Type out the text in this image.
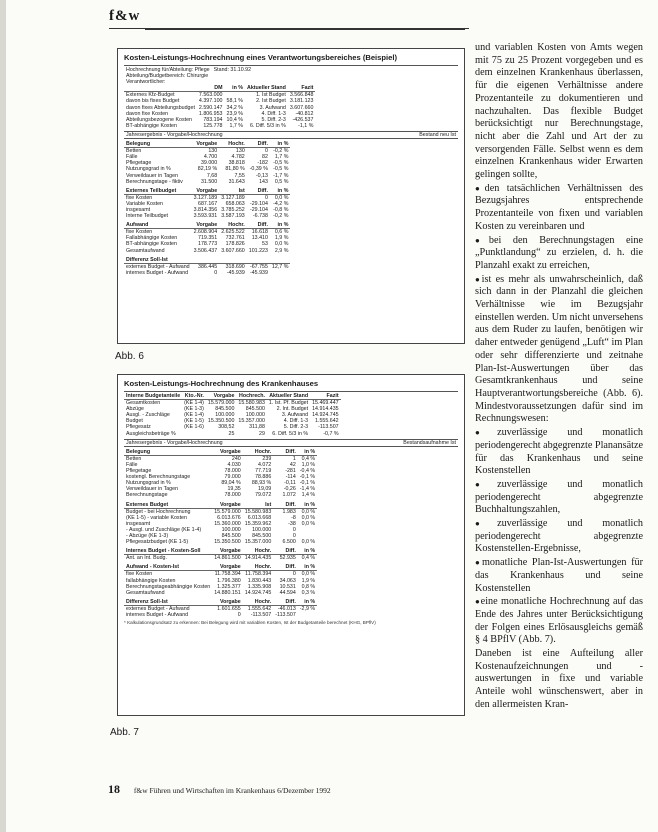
f&w
Kosten-Leistungs-Hochrechnung eines Verantwortungsbereiches (Beispiel)
Hochrechnung für/Abteilung: Pflege	Stand: 31.10.92
Abteilung/Budgetbereich: Chirurgie	
Verantwortlicher:	
	DM	in %	Aktueller Stand	Fazit
Externes Kfz-Budget	7.563.000		1. Ist Budget	3.566.848
davon bis fixes Budget	4.397.100	58,1 %	2. Ist Budget	3.181.123
davon fixes Abteilungsbudget	2.590.147	34,2 %	3. Aufwand	3.607.660
davon fixe Kosten	1.806.953	23,9 %	4. Diff. 1-3	-40.812
Abteilungsbezogene Kosten	783.194	10,4 %	5. Diff. 2-3	-426.537
BT-abhängige Kosten	125.778	1,7 %	6. Diff. 5/3 in %	-1,1 %
Jahresergebnis - Vorgabe/Hochrechnung	Bestand neu Ist
Belegung	Vorgabe	Hochr.	Diff.	in %
Betten	130	130	0	-0,2 %
Fälle	4.700	4.782	82	1,7 %
Pflegetage	39.000	38.818	-182	-0,5 %
Nutzungsgrad in %	82,19 %	81,80 %	-0,39 %	-0,5 %
Verweildauer in Tagen	7,68	7,55	-0,13	-1,7 %
Berechnungstage - fiktiv	31.500	31.643	143	0,5 %

Externes Teilbudget	Vorgabe	Ist	Diff.	in %
fixe Kosten	3.127.189	3.127.189	0	0,0 %
Variable Kosten	687.167	658.063	-29.104	-4,2 %
insgesamt	3.814.356	3.785.252	-29.104	-0,8 %
Interne Teilbudget	3.593.931	3.587.193	-6.738	-0,2 %

Aufwand	Vorgabe	Hochr.	Diff.	in %
fixe Kosten	2.608.904	2.625.522	16.618	0,6 %
Fallabhängige Kosten	719.351	732.761	13.410	1,9 %
BT-abhängige Kosten	178.773	178.826	53	0,0 %
Gesamtaufwand	3.506.437	3.607.660	101.223	2,9 %

Differenz Soll-Ist				
externes Budget - Aufwand	386.445	318.690	-67.755	12,7 %
internes Budget - Aufwand	0	-45.939	-45.939	
Abb. 6
Kosten-Leistungs-Hochrechnung des Krankenhauses
Interne Budgetanteile	Kto.-Nr.	Vorgabe	Hochrech.	Aktueller Stand	Fazit
Gesamtkosten	(KE 1-4)	15.579.000	15.580.983	1. Ist. Pf. Budget	15.469.447
Abzüge	(KE 1-3)	845.500	845.500	2. Int. Budget	14.914.435
Ausgl. - Zuschläge	(KE 1-4)	100.000	100.000	3. Aufwand	14.924.745
Budget	(KE 1-5)	15.350.500	15.357.000	4. Diff. 1-3	1.555.642
Pflegesatz	(KE 1-6)	308,52	311,88	5. Diff. 2-3	-113.507
Ausgleichsbeträge %		25	29	6. Diff. 5/3 in %	-0,7 %
Jahresergebnis - Vorgabe/Hochrechnung	Bestandsaufnahme Ist
Belegung	Vorgabe	Hochr.	Diff.	in %
Betten	240	239	1	0,4 %
Fälle	4.030	4.072	42	1,0 %
Pflegetage	78.000	77.719	-281	-0,4 %
kostengl. Berechnungstage	79.000	78.886	-114	-0,1 %
Nutzungsgrad in %	89,04 %	88,93 %	-0,11	-0,1 %
Verweildauer in Tagen	19,35	19,09	-0,26	-1,4 %
Berechnungstage	78.000	79.072	1.072	1,4 %

Externes Budget	Vorgabe	Ist	Diff.	in %
Budget - bei Hochrechnung	15.579.000	15.580.983	1.983	0,0 %
(KE 1-5) - variable Kosten	6.013.676	6.013.668	-8	0,0 %
insgesamt	15.360.000	15.359.962	-38	0,0 %
- Ausgl. und Zuschläge (KE 1-4)	100.000	100.000	0	
- Abzüge (KE 1-3)	845.500	845.500	0	
Pflegesatzbudget (KE 1-5)	15.350.500	15.357.000	6.500	0,0 %

Internes Budget - Kosten-Soll	Vorgabe	Hochr.	Diff.	in %
Ant. an Int. Budg.	14.861.500	14.914.435	52.935	0,4 %

Aufwand - Kosten-Ist	Vorgabe	Hochr.	Diff.	in %
fixe Kosten	11.758.394	11.758.394	0	0,0 %
fallabhängige Kosten	1.796.380	1.830.443	34.063	1,9 %
Berechnungstageabhängige Kosten	1.325.377	1.335.908	10.531	0,8 %
Gesamtaufwand	14.880.151	14.924.745	44.594	0,3 %

Differenz Soll-Ist	Vorgabe	Hochr.	Diff.	in %
externes Budget - Aufwand	1.601.655	1.555.642	-46.013	-2,9 %
internes Budget - Aufwand	0	-113.507	-113.507	
* Kalkulationsgrundsatz zu erkennen: Bei Belegung wird mit variablen Kosten, Ist der Budgetanteile berechnet (KHG, BPflV)
Abb. 7

und variablen Kosten von Amts wegen mit 75 zu 25 Prozent vorgegeben und es dem einzelnen Krankenhaus überlassen, für die eigenen Verhältnisse andere Prozentanteile zu dokumentieren und nachzuhalten. Das flexible Budget berücksichtigt nur Berechnungstage, nicht aber die Zahl und Art der zu versorgenden Fälle. Selbst wenn es dem einzelnen Krankenhaus wider Erwarten gelingen sollte,

● den tatsächlichen Verhältnissen des Bezugsjahres entsprechende Prozentanteile von fixen und variablen Kosten zu vereinbaren und

● bei den Berechnungstagen eine „Punktlandung“ zu erzielen, d. h. die Planzahl exakt zu erreichen,

● ist es mehr als unwahrscheinlich, daß sich dann in der Planzahl die gleichen Verhältnisse wie im Bezugsjahr einstellen werden. Um nicht unversehens aus dem Ruder zu laufen, benötigen wir daher entweder genügend „Luft“ im Plan oder sehr differenzierte und zeitnahe Plan-Ist-Auswertungen über das Gesamtkrankenhaus und seine Hauptverantwortungsbereiche (Abb. 6). Mindestvoraussetzungen dafür sind im Rechnungswesen:

● zuverlässige und monatlich periodengerecht abgegrenzte Planansätze für das Krankenhaus und seine Kostenstellen

● zuverlässige und monatlich periodengerecht abgegrenzte Buchhaltungszahlen,

● zuverlässige und monatlich periodengerecht abgegrenzte Kostenstellen-Ergebnisse,

● monatliche Plan-Ist-Auswertungen für das Krankenhaus und seine Kostenstellen

● eine monatliche Hochrechnung auf das Ende des Jahres unter Berücksichtigung der Folgen eines Erlösausgleichs gemäß § 4 BPflV (Abb. 7).

Daneben ist eine Aufteilung aller Kostenaufzeichnungen und -auswertungen in fixe und variable Anteile wohl wünschenswert, aber in den allermeisten Kran-

18 f&w Führen und Wirtschaften im Krankenhaus 6/Dezember 1992
